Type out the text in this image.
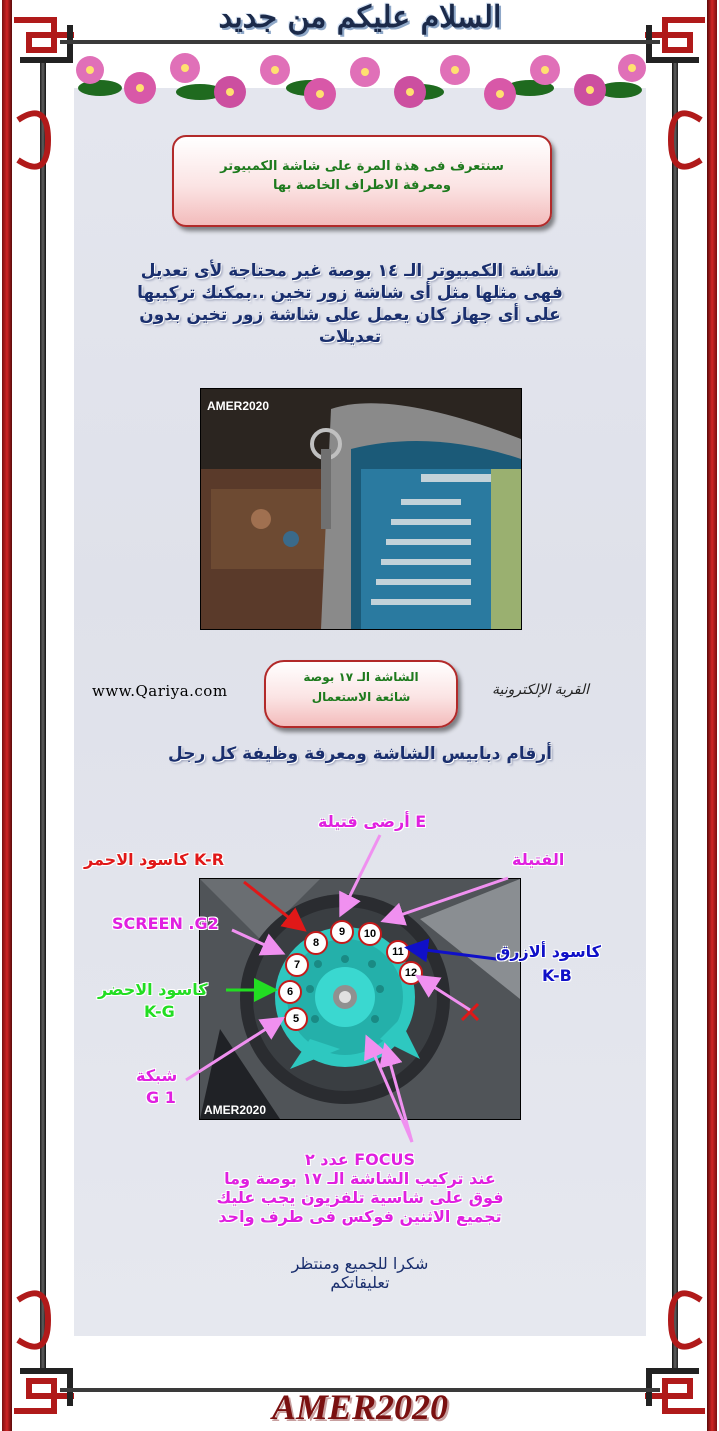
السلام عليكم من جديد
سنتعرف فى هذة المرة على شاشة الكمبيوتر
ومعرفة الاطراف الخاصة بها
شاشة الكمبيوتر الـ ١٤ بوصة غير محتاجة لأى تعديل
فهى مثلها مثل أى شاشة زور تخين ..بمكنك تركيبها
على أى جهاز كان يعمل على شاشة زور تخين بدون
تعديلات
AMER2020
www.Qariya.com
الشاشة الـ ١٧ بوصة
شائعة الاستعمال	القرية الإلكترونية
أرقام دبابيس الشاشة ومعرفة وظيفة كل رجل
5
6
7
8
9	10
11
12
AMER2020
E أرضى فتيلة
K-R كاسود الاحمر	الفتيلة
SCREEN .G2
كاسود ألازرق
K-B
كاسود الاحضر
K-G
شبكة
G 1
FOCUS عدد ٢
عند تركيب الشاشة الـ ١٧ بوصة وما
فوق على شاسية تلفزيون يجب عليك
تجميع الاثنين فوكس فى طرف واحد
شكرا للجميع ومنتظر
تعليقاتكم
AMER2020
